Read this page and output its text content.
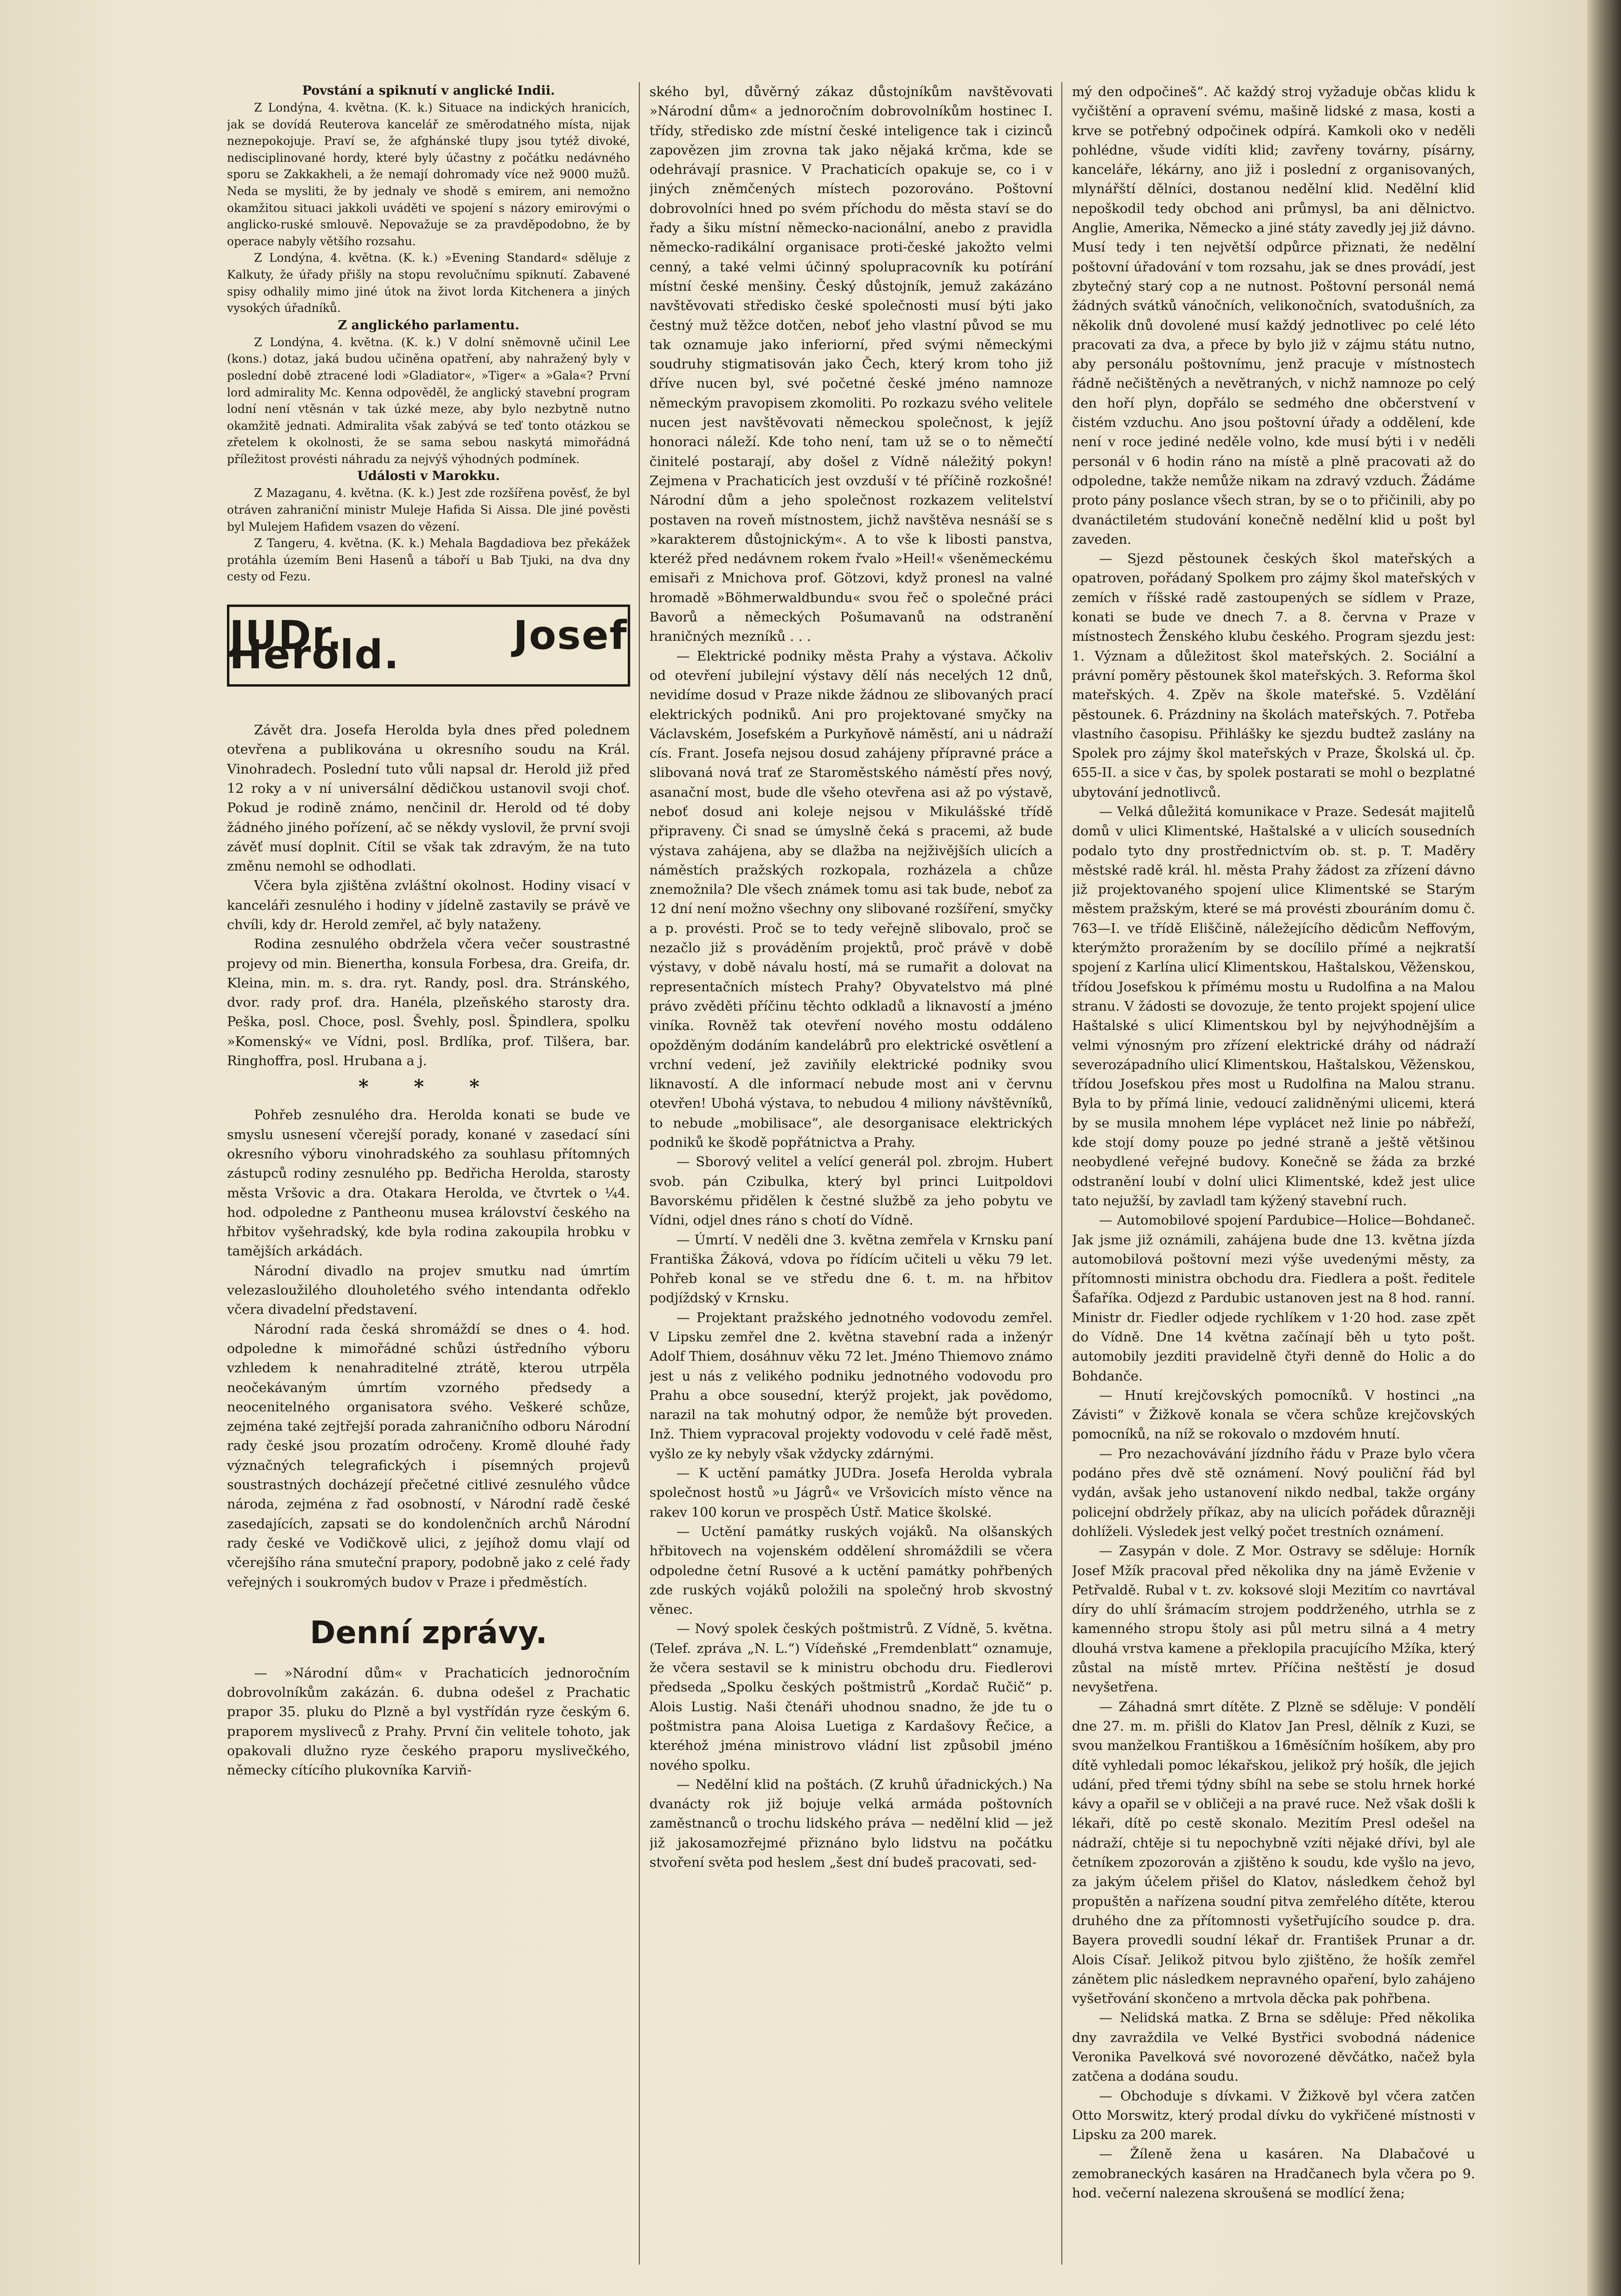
Povstání a spiknutí v anglické Indii.

Z Londýna, 4. května. (K. k.) Situace na indických hranicích, jak se dovídá Reuterova kancelář ze směrodatného místa, nijak neznepokojuje. Praví se, že afghánské tlupy jsou tytéž divoké, nedisciplinované hordy, které byly účastny z počátku nedávného sporu se Zakkakheli, a že nemají dohromady více než 9000 mužů. Neda se mysliti, že by jednaly ve shodě s emirem, ani nemožno okamžitou situaci jakkoli uváděti ve spojení s názory emirovými o anglicko-ruské smlouvě. Nepovažuje se za pravděpodobno, že by operace nabyly většího rozsahu.

Z Londýna, 4. května. (K. k.) »Evening Standard« sděluje z Kalkuty, že úřady přišly na stopu revolučnímu spiknutí. Zabavené spisy odhalily mimo jiné útok na život lorda Kitchenera a jiných vysokých úřadníků.

Z anglického parlamentu.

Z Londýna, 4. května. (K. k.) V dolní sněmovně učinil Lee (kons.) dotaz, jaká budou učiněna opatření, aby nahražený byly v poslední době ztracené lodi »Gladiator«, »Tiger« a »Gala«? První lord admirality Mc. Kenna odpověděl, že anglický stavební program lodní není vtěsnán v tak úzké meze, aby bylo nezbytně nutno okamžitě jednati. Admiralita však zabývá se teď tonto otázkou se zřetelem k okolnosti, že se sama sebou naskytá mimořádná příležitost provésti náhradu za nejvýš výhodných podmínek.

Události v Marokku.

Z Mazaganu, 4. května. (K. k.) Jest zde rozšířena pověsť, že byl otráven zahraniční ministr Muleje Hafida Si Aissa. Dle jiné pověsti byl Mulejem Hafidem vsazen do vězení.

Z Tangeru, 4. května. (K. k.) Mehala Bagdadiova bez překážek protáhla územím Beni Hasenů a táboří u Bab Tjuki, na dva dny cesty od Fezu.

JUDr. Josef Herold.

Závět dra. Josefa Herolda byla dnes před polednem otevřena a publikována u okresního soudu na Král. Vinohradech. Poslední tuto vůli napsal dr. Herold již před 12 roky a v ní universální dědičkou ustanovil svoji choť. Pokud je rodině známo, nenčinil dr. Herold od té doby žádného jiného pořízení, ač se někdy vyslovil, že první svoji závěť musí doplnit. Cítil se však tak zdravým, že na tuto změnu nemohl se odhodlati.

Včera byla zjištěna zvláštní okolnost. Hodiny visací v kanceláři zesnulého i hodiny v jídelně zastavily se právě ve chvíli, kdy dr. Herold zemřel, ač byly nataženy.

Rodina zesnulého obdržela včera večer soustrastné projevy od min. Bienertha, konsula Forbesa, dra. Greifa, dr. Kleina, min. m. s. dra. ryt. Randy, posl. dra. Stránského, dvor. rady prof. dra. Hanéla, plzeňského starosty dra. Peška, posl. Choce, posl. Švehly, posl. Špindlera, spolku »Komenský« ve Vídni, posl. Brdlíka, prof. Tilšera, bar. Ringhoffra, posl. Hrubana a j.

* * *

Pohřeb zesnulého dra. Herolda konati se bude ve smyslu usnesení včerejší porady, konané v zasedací síni okresního výboru vinohradského za souhlasu přítomných zástupců rodiny zesnulého pp. Bedřicha Herolda, starosty města Vršovic a dra. Otakara Herolda, ve čtvrtek o ¼4. hod. odpoledne z Pantheonu musea království českého na hřbitov vyšehradský, kde byla rodina zakoupila hrobku v tamějších arkádách.

Národní divadlo na projev smutku nad úmrtím velezasloužilého dlouholetého svého intendanta odřeklo včera divadelní představení.

Národní rada česká shromáždí se dnes o 4. hod. odpoledne k mimořádné schůzi ústředního výboru vzhledem k nenahraditelné ztrátě, kterou utrpěla neočekávaným úmrtím vzorného předsedy a neocenitelného organisatora svého. Veškeré schůze, zejména také zejtřejší porada zahraničního odboru Národní rady české jsou prozatím odročeny. Kromě dlouhé řady význačných telegrafických i písemných projevů soustrastných docházejí přečetné citlivé zesnulého vůdce národa, zejména z řad osobností, v Národní radě české zasedajících, zapsati se do kondolenčních archů Národní rady české ve Vodičkově ulici, z jejíhož domu vlají od včerejšího rána smuteční prapory, podobně jako z celé řady veřejných i soukromých budov v Praze i předměstích.

Denní zprávy.

— »Národní dům« v Prachaticích jednoročním dobrovolníkům zakázán. 6. dubna odešel z Prachatic prapor 35. pluku do Plzně a byl vystřídán ryze českým 6. praporem mysliveců z Prahy. První čin velitele tohoto, jak opakovali dlužno ryze českého praporu myslivečkého, německy cítícího plukovníka Karviň-

ského byl, důvěrný zákaz důstojníkům navštěvovati »Národní dům« a jednoročním dobrovolníkům hostinec I. třídy, středisko zde místní české inteligence tak i cizinců zapovězen jim zrovna tak jako nějaká krčma, kde se odehrávají prasnice. V Prachaticích opakuje se, co i v jiných zněmčených místech pozorováno. Poštovní dobrovolníci hned po svém příchodu do města staví se do řady a šiku místní německo-nacionální, anebo z pravidla německo-radikální organisace proti-české jakožto velmi cenný, a také velmi účinný spolupracovník ku potírání místní české menšiny. Český důstojník, jemuž zakázáno navštěvovati středisko české společnosti musí býti jako čestný muž těžce dotčen, neboť jeho vlastní původ se mu tak oznamuje jako inferiorní, před svými německými soudruhy stigmatisován jako Čech, který krom toho již dříve nucen byl, své početné české jméno namnoze německým pravopisem zkomoliti. Po rozkazu svého velitele nucen jest navštěvovati německou společnost, k jejíž honoraci náleží. Kde toho není, tam už se o to němečtí činitelé postarají, aby došel z Vídně náležitý pokyn! Zejmena v Prachaticích jest ovzduší v té příčině rozkošné! Národní dům a jeho společnost rozkazem velitelství postaven na roveň místnostem, jichž navštěva nesnáší se s »karakterem důstojnickým«. A to vše k libosti panstva, kteréž před nedávnem rokem řvalo »Heil!« všeněmeckému emisaři z Mnichova prof. Götzovi, když pronesl na valné hromadě »Böhmerwaldbundu« svou řeč o společné práci Bavorů a německých Pošumavanů na odstranění hraničných mezníků . . .

— Elektrické podniky města Prahy a výstava. Ačkoliv od otevření jubilejní výstavy dělí nás necelých 12 dnů, nevidíme dosud v Praze nikde žádnou ze slibovaných prací elektrických podniků. Ani pro projektované smyčky na Václavském, Josefském a Purkyňově náměstí, ani u nádraží cís. Frant. Josefa nejsou dosud zahájeny přípravné práce a slibovaná nová trať ze Staroměstského náměstí přes nový, asanační most, bude dle všeho otevřena asi až po výstavě, neboť dosud ani koleje nejsou v Mikulášské třídě připraveny. Či snad se úmyslně čeká s pracemi, až bude výstava zahájena, aby se dlažba na nejživějších ulicích a náměstích pražských rozkopala, rozházela a chůze znemožnila? Dle všech známek tomu asi tak bude, neboť za 12 dní není možno všechny ony slibované rozšíření, smyčky a p. provésti. Proč se to tedy veřejně slibovalo, proč se nezačlo již s prováděním projektů, proč právě v době výstavy, v době návalu hostí, má se rumařit a dolovat na representačních místech Prahy? Obyvatelstvo má plné právo zvěděti příčinu těchto odkladů a liknavostí a jméno viníka. Rovněž tak otevření nového mostu oddáleno opožděným dodáním kandelábrů pro elektrické osvětlení a vrchní vedení, jež zaviňily elektrické podniky svou liknavostí. A dle informací nebude most ani v červnu otevřen! Ubohá výstava, to nebudou 4 miliony návštěvníků, to nebude „mobilisace“, ale desorganisace elektrických podniků ke škodě popřátnictva a Prahy.

— Sborový velitel a velící generál pol. zbrojm. Hubert svob. pán Czibulka, který byl princi Luitpoldovi Bavorskému přidělen k čestné službě za jeho pobytu ve Vídni, odjel dnes ráno s chotí do Vídně.

— Úmrtí. V neděli dne 3. května zemřela v Krnsku paní Františka Žáková, vdova po řídícím učiteli u věku 79 let. Pohřeb konal se ve středu dne 6. t. m. na hřbitov podjíždský v Krnsku.

— Projektant pražského jednotného vodovodu zemřel. V Lipsku zemřel dne 2. května stavební rada a inženýr Adolf Thiem, dosáhnuv věku 72 let. Jméno Thiemovo známo jest u nás z velikého podniku jednotného vodovodu pro Prahu a obce sousední, kterýž projekt, jak povědomo, narazil na tak mohutný odpor, že nemůže být proveden. Inž. Thiem vypracoval projekty vodovodu v celé řadě měst, vyšlo ze ky nebyly však vždycky zdárnými.

— K uctění památky JUDra. Josefa Herolda vybrala společnost hostů »u Jágrů« ve Vršovicích místo věnce na rakev 100 korun ve prospěch Ústř. Matice školské.

— Uctění památky ruských vojáků. Na olšanských hřbitovech na vojenském oddělení shromáždili se včera odpoledne četní Rusové a k uctění památky pohřbených zde ruských vojáků položili na společný hrob skvostný věnec.

— Nový spolek českých poštmistrů. Z Vídně, 5. května. (Telef. zpráva „N. L.“) Vídeňské „Fremdenblatt“ oznamuje, že včera sestavil se k ministru obchodu dru. Fiedlerovi předseda „Spolku českých poštmistrů „Kordač Ručič“ p. Alois Lustig. Naši čtenáři uhodnou snadno, že jde tu o poštmistra pana Aloisa Luetiga z Kardašovy Řečice, a kteréhož jména ministrovo vládní list způsobil jméno nového spolku.

— Nedělní klid na poštách. (Z kruhů úřadnických.) Na dvanácty rok již bojuje velká armáda poštovních zaměstnanců o trochu lidského práva — nedělní klid — jež již jakosamozřejmé přiznáno bylo lidstvu na počátku stvoření světa pod heslem „šest dní budeš pracovati, sed-

mý den odpočineš“. Ač každý stroj vyžaduje občas klidu k vyčištění a opravení svému, mašině lidské z masa, kosti a krve se potřebný odpočinek odpírá. Kamkoli oko v neděli pohlédne, všude vidíti klid; zavřeny továrny, písárny, kanceláře, lékárny, ano již i poslední z organisovaných, mlynářští dělníci, dostanou nedělní klid. Nedělní klid nepoškodil tedy obchod ani průmysl, ba ani dělnictvo. Anglie, Amerika, Německo a jiné státy zavedly jej již dávno. Musí tedy i ten největší odpůrce přiznati, že nedělní poštovní úřadování v tom rozsahu, jak se dnes provádí, jest zbytečný starý cop a ne nutnost. Poštovní personál nemá žádných svátků vánočních, velikonočních, svatodušních, za několik dnů dovolené musí každý jednotlivec po celé léto pracovati za dva, a přece by bylo již v zájmu státu nutno, aby personálu poštovnímu, jenž pracuje v místnostech řádně nečištěných a nevětraných, v nichž namnoze po celý den hoří plyn, dopřálo se sedmého dne občerstvení v čistém vzduchu. Ano jsou poštovní úřady a oddělení, kde není v roce jediné neděle volno, kde musí býti i v neděli personál v 6 hodin ráno na místě a plně pracovati až do odpoledne, takže nemůže nikam na zdravý vzduch. Žádáme proto pány poslance všech stran, by se o to přičinili, aby po dvanáctiletém studování konečně nedělní klid u pošt byl zaveden.

— Sjezd pěstounek českých škol mateřských a opatroven, pořádaný Spolkem pro zájmy škol mateřských v zemích v říšské radě zastoupených se sídlem v Praze, konati se bude ve dnech 7. a 8. června v Praze v místnostech Ženského klubu českého. Program sjezdu jest: 1. Význam a důležitost škol mateřských. 2. Sociální a právní poměry pěstounek škol mateřských. 3. Reforma škol mateřských. 4. Zpěv na škole mateřské. 5. Vzdělání pěstounek. 6. Prázdniny na školách mateřských. 7. Potřeba vlastního časopisu. Přihlášky ke sjezdu budtež zaslány na Spolek pro zájmy škol mateřských v Praze, Školská ul. čp. 655-II. a sice v čas, by spolek postarati se mohl o bezplatné ubytování jednotlivců.

— Velká důležitá komunikace v Praze. Sedesát majitelů domů v ulici Klimentské, Haštalské a v ulicích sousedních podalo tyto dny prostřednictvím ob. st. p. T. Maděry městské radě král. hl. města Prahy žádost za zřízení dávno již projektovaného spojení ulice Klimentské se Starým městem pražským, které se má provésti zbouráním domu č. 763—I. ve třídě Eliščině, náležejícího dědicům Neffovým, kterýmžto proražením by se docílilo přímé a nejkratší spojení z Karlína ulicí Klimentskou, Haštalskou, Věženskou, třídou Josefskou k přímému mostu u Rudolfina a na Malou stranu. V žádosti se dovozuje, že tento projekt spojení ulice Haštalské s ulicí Klimentskou byl by nejvýhodnějším a velmi výnosným pro zřízení elektrické dráhy od nádraží severozápadního ulicí Klimentskou, Haštalskou, Věženskou, třídou Josefskou přes most u Rudolfina na Malou stranu. Byla to by přímá linie, vedoucí zalidněnými ulicemi, která by se musila mnohem lépe vyplácet než linie po nábřeží, kde stojí domy pouze po jedné straně a ještě většinou neobydlené veřejné budovy. Konečně se žáda za brzké odstranění loubí v dolní ulici Klimentské, kdež jest ulice tato nejužší, by zavladl tam kýžený stavební ruch.

— Automobilové spojení Pardubice—Holice—Bohdaneč. Jak jsme již oznámili, zahájena bude dne 13. května jízda automobilová poštovní mezi výše uvedenými městy, za přítomnosti ministra obchodu dra. Fiedlera a pošt. ředitele Šafaříka. Odjezd z Pardubic ustanoven jest na 8 hod. ranní. Ministr dr. Fiedler odjede rychlíkem v 1·20 hod. zase zpět do Vídně. Dne 14 května začínají běh u tyto pošt. automobily jezditi pravidelně čtyři denně do Holic a do Bohdanče.

— Hnutí krejčovských pomocníků. V hostinci „na Závisti“ v Žižkově konala se včera schůze krejčovských pomocníků, na níž se rokovalo o mzdovém hnutí.

— Pro nezachovávání jízdního řádu v Praze bylo včera podáno přes dvě stě oznámení. Nový pouliční řád byl vydán, avšak jeho ustanovení nikdo nedbal, takže orgány policejní obdržely příkaz, aby na ulicích pořádek důrazněji dohlíželi. Výsledek jest velký počet trestních oznámení.

— Zasypán v dole. Z Mor. Ostravy se sděluje: Horník Josef Mžík pracoval před několika dny na jámě Evženie v Petřvaldě. Rubal v t. zv. koksové sloji Mezitím co navrtával díry do uhlí šrámacím strojem poddrženého, utrhla se z kamenného stropu štoly asi půl metru silná a 4 metry dlouhá vrstva kamene a překlopila pracujícího Mžíka, který zůstal na místě mrtev. Příčina neštěstí je dosud nevyšetřena.

— Záhadná smrt dítěte. Z Plzně se sděluje: V pondělí dne 27. m. m. přišli do Klatov Jan Presl, dělník z Kuzi, se svou manželkou Františkou a 16měsíčním hošíkem, aby pro dítě vyhledali pomoc lékařskou, jelikož prý hošík, dle jejich udání, před třemi týdny sbíhl na sebe se stolu hrnek horké kávy a opařil se v obličeji a na pravé ruce. Než však došli k lékaři, dítě po cestě skonalo. Mezitím Presl odešel na nádraží, chtěje si tu nepochybně vzíti nějaké dřívi, byl ale četníkem zpozorován a zjištěno k soudu, kde vyšlo na jevo, za jakým účelem přišel do Klatov, následkem čehož byl propuštěn a nařízena soudní pitva zemřelého dítěte, kterou druhého dne za přítomnosti vyšetřujícího soudce p. dra. Bayera provedli soudní lékař dr. František Prunar a dr. Alois Císař. Jelikož pitvou bylo zjištěno, že hošík zemřel zánětem plic následkem nepravného opaření, bylo zahájeno vyšetřování skončeno a mrtvola děcka pak pohřbena.

— Nelidská matka. Z Brna se sděluje: Před několika dny zavraždila ve Velké Bystřici svobodná nádenice Veronika Pavelková své novorozené děvčátko, načež byla zatčena a dodána soudu.

— Obchoduje s dívkami. V Žižkově byl včera zatčen Otto Morswitz, který prodal dívku do vykřičené místnosti v Lipsku za 200 marek.

— Žíleně žena u kasáren. Na Dlabačové u zemobraneckých kasáren na Hradčanech byla včera po 9. hod. večerní nalezena skroušená se modlící žena;
